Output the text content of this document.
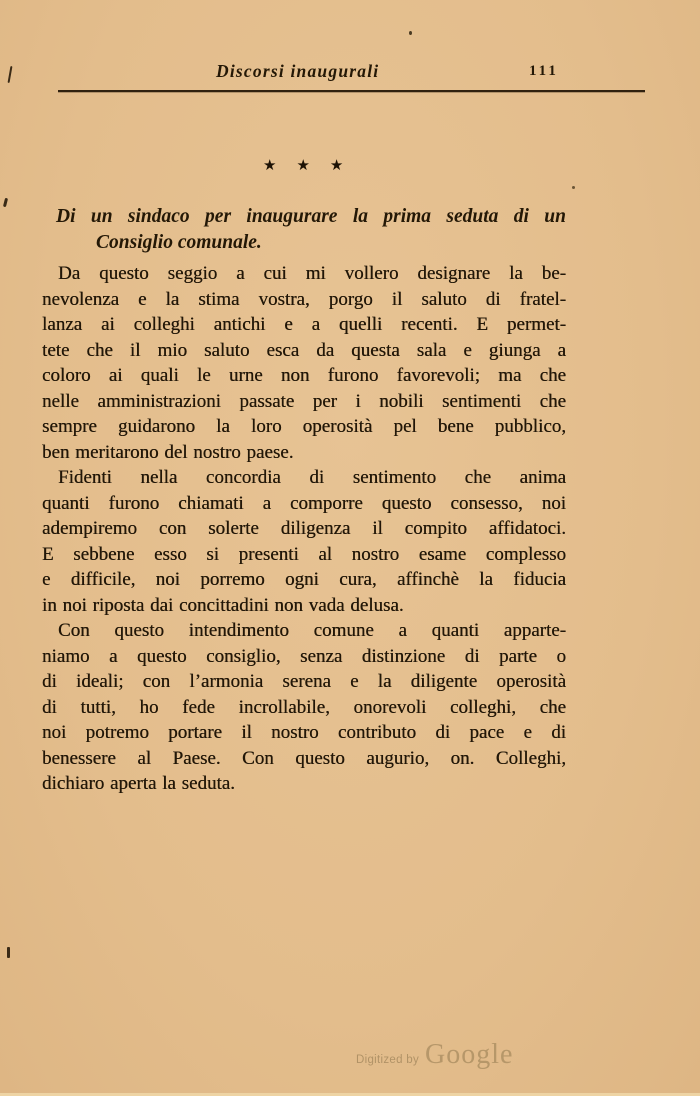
Discorsi inaugurali	111
★ ★ ★
Di un sindaco per inaugurare la prima seduta di un
Consiglio comunale.
Da questo seggio a cui mi vollero designare la be-
nevolenza e la stima vostra, porgo il saluto di fratel-
lanza ai colleghi antichi e a quelli recenti. E permet-
tete che il mio saluto esca da questa sala e giunga a
coloro ai quali le urne non furono favorevoli; ma che
nelle amministrazioni passate per i nobili sentimenti che
sempre guidarono la loro operosità pel bene pubblico,
ben meritarono del nostro paese.
Fidenti nella concordia di sentimento che anima
quanti furono chiamati a comporre questo consesso, noi
adempiremo con solerte diligenza il compito affidatoci.
E sebbene esso si presenti al nostro esame complesso
e difficile, noi porremo ogni cura, affinchè la fiducia
in noi riposta dai concittadini non vada delusa.
Con questo intendimento comune a quanti apparte-
niamo a questo consiglio, senza distinzione di parte o
di ideali; con l’armonia serena e la diligente operosità
di tutti, ho fede incrollabile, onorevoli colleghi, che
noi potremo portare il nostro contributo di pace e di
benessere al Paese. Con questo augurio, on. Colleghi,
dichiaro aperta la seduta.
Digitized by Google
